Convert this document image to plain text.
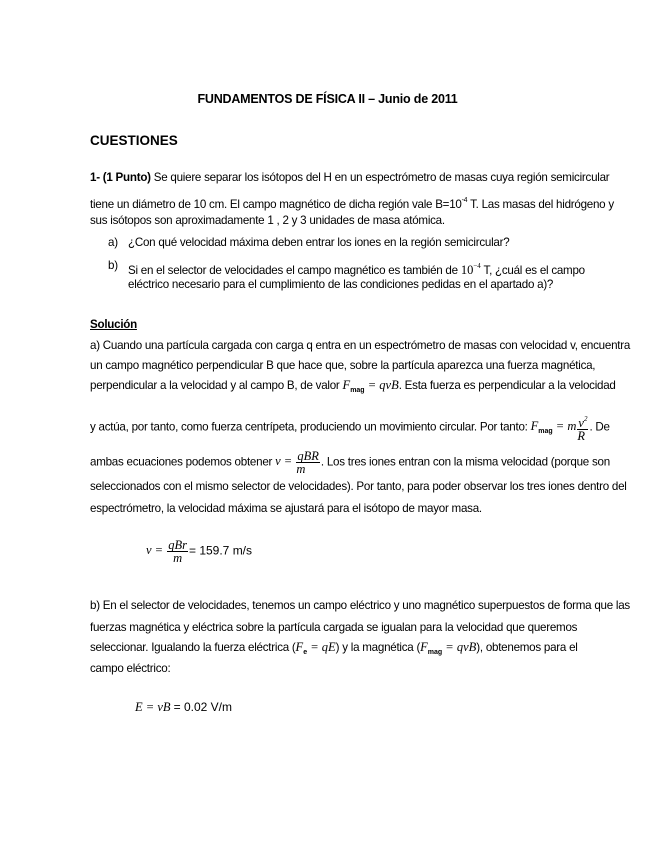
FUNDAMENTOS DE FÍSICA II – Junio de 2011
CUESTIONES
1- (1 Punto) Se quiere separar los isótopos del H en un espectrómetro de masas cuya región semicircular
tiene un diámetro de 10 cm. El campo magnético de dicha región vale $B=10^{-4}$ T. Las masas del hidrógeno y
sus isótopos son aproximadamente 1 , 2 y 3 unidades de masa atómica.
a) ¿Con qué velocidad máxima deben entrar los iones en la región semicircular?
b) Si en el selector de velocidades el campo magnético es también de $10^{-4}$ T, ¿cuál es el campo
eléctrico necesario para el cumplimiento de las condiciones pedidas en el apartado a)?
Solución
a) Cuando una partícula cargada con carga q entra en un espectrómetro de masas con velocidad v, encuentra
un campo magnético perpendicular B que hace que, sobre la partícula aparezca una fuerza magnética,
perpendicular a la velocidad y al campo B, de valor $F_{mag}$ = qvB. Esta fuerza es perpendicular a la velocidad
y actúa, por tanto, como fuerza centrípeta, produciendo un movimiento circular. Por tanto: $F_{mag} = m \frac{v^2}{R}$ . De
ambas ecuaciones podemos obtener $v = \frac{\text{qBR}}{m}$ . Los tres iones entran con la misma velocidad (porque son
seleccionados con el mismo selector de velocidades). Por tanto, para poder observar los tres iones dentro del
espectrómetro, la velocidad máxima se ajustará para el isótopo de mayor masa.
$v = \frac{\text{qBr}}{m} = 159.7$ m/s
b) En el selector de velocidades, tenemos un campo eléctrico y uno magnético superpuestos de forma que las
fuerzas magnética y eléctrica sobre la partícula cargada se igualan para la velocidad que queremos
seleccionar. Igualando la fuerza eléctrica $(F_e = qE)$ y la magnética $(F_{mag} = qvB)$, obtenemos para el
campo eléctrico:
E = vB = 0.02 V/m
